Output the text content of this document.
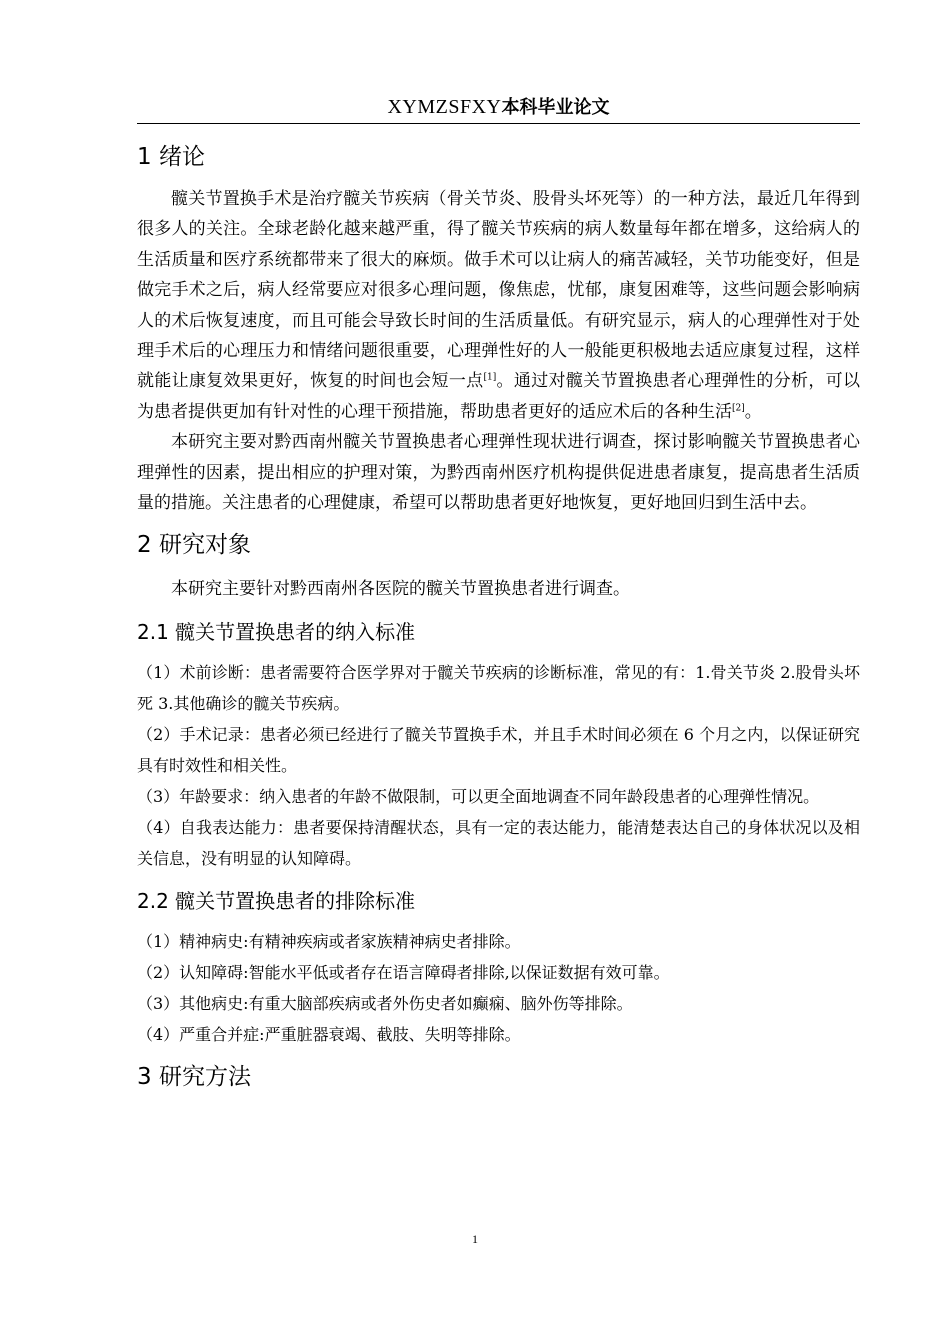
XYMZSFXY本科毕业论文
1 绪论

髋关节置换手术是治疗髋关节疾病（骨关节炎、股骨头坏死等）的一种方法，最近几年得到很多人的关注。全球老龄化越来越严重，得了髋关节疾病的病人数量每年都在增多，这给病人的生活质量和医疗系统都带来了很大的麻烦。做手术可以让病人的痛苦减轻，关节功能变好，但是做完手术之后，病人经常要应对很多心理问题，像焦虑，忧郁，康复困难等，这些问题会影响病人的术后恢复速度，而且可能会导致长时间的生活质量低。有研究显示，病人的心理弹性对于处理手术后的心理压力和情绪问题很重要，心理弹性好的人一般能更积极地去适应康复过程，这样就能让康复效果更好，恢复的时间也会短一点[1]。通过对髋关节置换患者心理弹性的分析，可以为患者提供更加有针对性的心理干预措施，帮助患者更好的适应术后的各种生活[2]。

本研究主要对黔西南州髋关节置换患者心理弹性现状进行调查，探讨影响髋关节置换患者心理弹性的因素，提出相应的护理对策，为黔西南州医疗机构提供促进患者康复，提高患者生活质量的措施。关注患者的心理健康，希望可以帮助患者更好地恢复，更好地回归到生活中去。

2 研究对象

本研究主要针对黔西南州各医院的髋关节置换患者进行调查。

2.1 髋关节置换患者的纳入标准

（1）术前诊断：患者需要符合医学界对于髋关节疾病的诊断标准，常见的有：1.骨关节炎 2.股骨头坏死 3.其他确诊的髋关节疾病。

（2）手术记录：患者必须已经进行了髋关节置换手术，并且手术时间必须在 6 个月之内，以保证研究具有时效性和相关性。

（3）年龄要求：纳入患者的年龄不做限制，可以更全面地调查不同年龄段患者的心理弹性情况。

（4）自我表达能力：患者要保持清醒状态，具有一定的表达能力，能清楚表达自己的身体状况以及相关信息，没有明显的认知障碍。

2.2 髋关节置换患者的排除标准

（1）精神病史:有精神疾病或者家族精神病史者排除。

（2）认知障碍:智能水平低或者存在语言障碍者排除,以保证数据有效可靠。

（3）其他病史:有重大脑部疾病或者外伤史者如癫痫、脑外伤等排除。

（4）严重合并症:严重脏器衰竭、截肢、失明等排除。

3 研究方法
1
